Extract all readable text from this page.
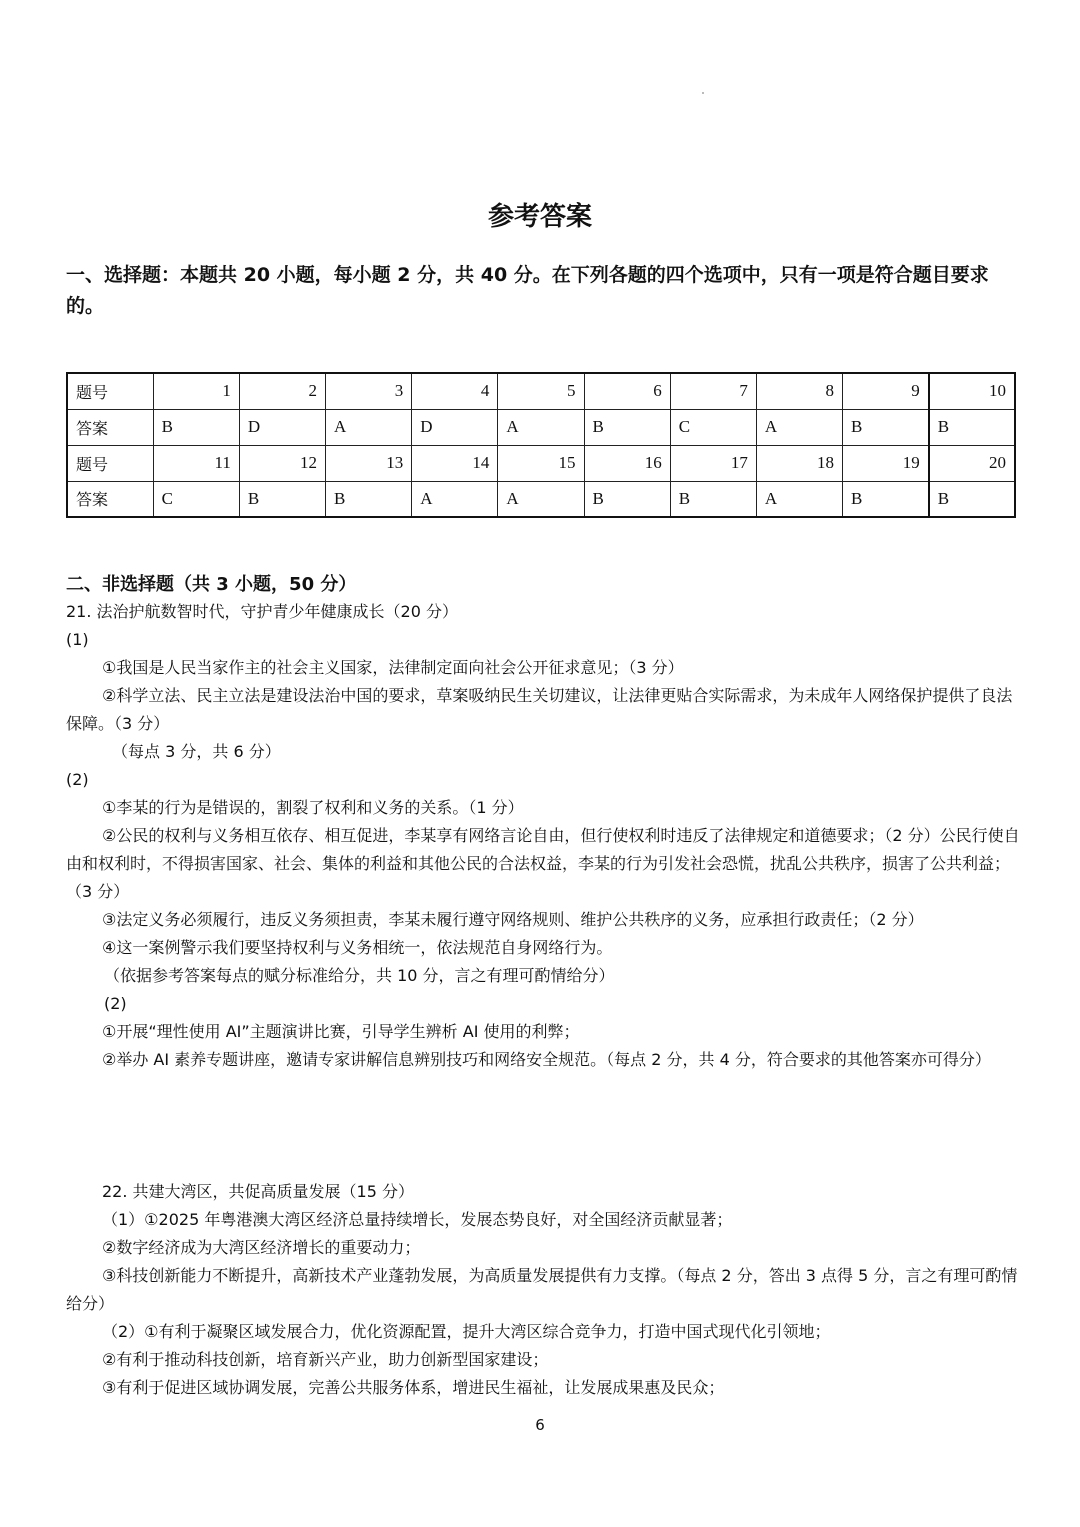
参考答案
一、选择题：本题共 20 小题，每小题 2 分，共 40 分。在下列各题的四个选项中，只有一项是符合题目要求的。
题号	1	2	3	4	5	6	7	8	9	10
答案	B	D	A	D	A	B	C	A	B	B
题号	11	12	13	14	15	16	17	18	19	20
答案	C	B	B	A	A	B	B	A	B	B
二、非选择题（共 3 小题，50 分）

21. 法治护航数智时代，守护青少年健康成长（20 分）

(1)

①我国是人民当家作主的社会主义国家，法律制定面向社会公开征求意见；（3 分）

②科学立法、民主立法是建设法治中国的要求，草案吸纳民生关切建议，让法律更贴合实际需求，为未成年人网络保护提供了良法保障。（3 分）

（每点 3 分，共 6 分）

(2)

①李某的行为是错误的，割裂了权利和义务的关系。（1 分）

②公民的权利与义务相互依存、相互促进，李某享有网络言论自由，但行使权利时违反了法律规定和道德要求；（2 分）公民行使自由和权利时，不得损害国家、社会、集体的利益和其他公民的合法权益，李某的行为引发社会恐慌，扰乱公共秩序，损害了公共利益；（3 分）

③法定义务必须履行，违反义务须担责，李某未履行遵守网络规则、维护公共秩序的义务，应承担行政责任；（2 分）

④这一案例警示我们要坚持权利与义务相统一，依法规范自身网络行为。

（依据参考答案每点的赋分标准给分，共 10 分，言之有理可酌情给分）

(2)

①开展“理性使用 AI”主题演讲比赛，引导学生辨析 AI 使用的利弊；

②举办 AI 素养专题讲座，邀请专家讲解信息辨别技巧和网络安全规范。（每点 2 分，共 4 分，符合要求的其他答案亦可得分）

22. 共建大湾区，共促高质量发展（15 分）

（1）①2025 年粤港澳大湾区经济总量持续增长，发展态势良好，对全国经济贡献显著；

②数字经济成为大湾区经济增长的重要动力；

③科技创新能力不断提升，高新技术产业蓬勃发展，为高质量发展提供有力支撑。（每点 2 分，答出 3 点得 5 分，言之有理可酌情给分）

（2）①有利于凝聚区域发展合力，优化资源配置，提升大湾区综合竞争力，打造中国式现代化引领地；

②有利于推动科技创新，培育新兴产业，助力创新型国家建设；

③有利于促进区域协调发展，完善公共服务体系，增进民生福祉，让发展成果惠及民众；

6
